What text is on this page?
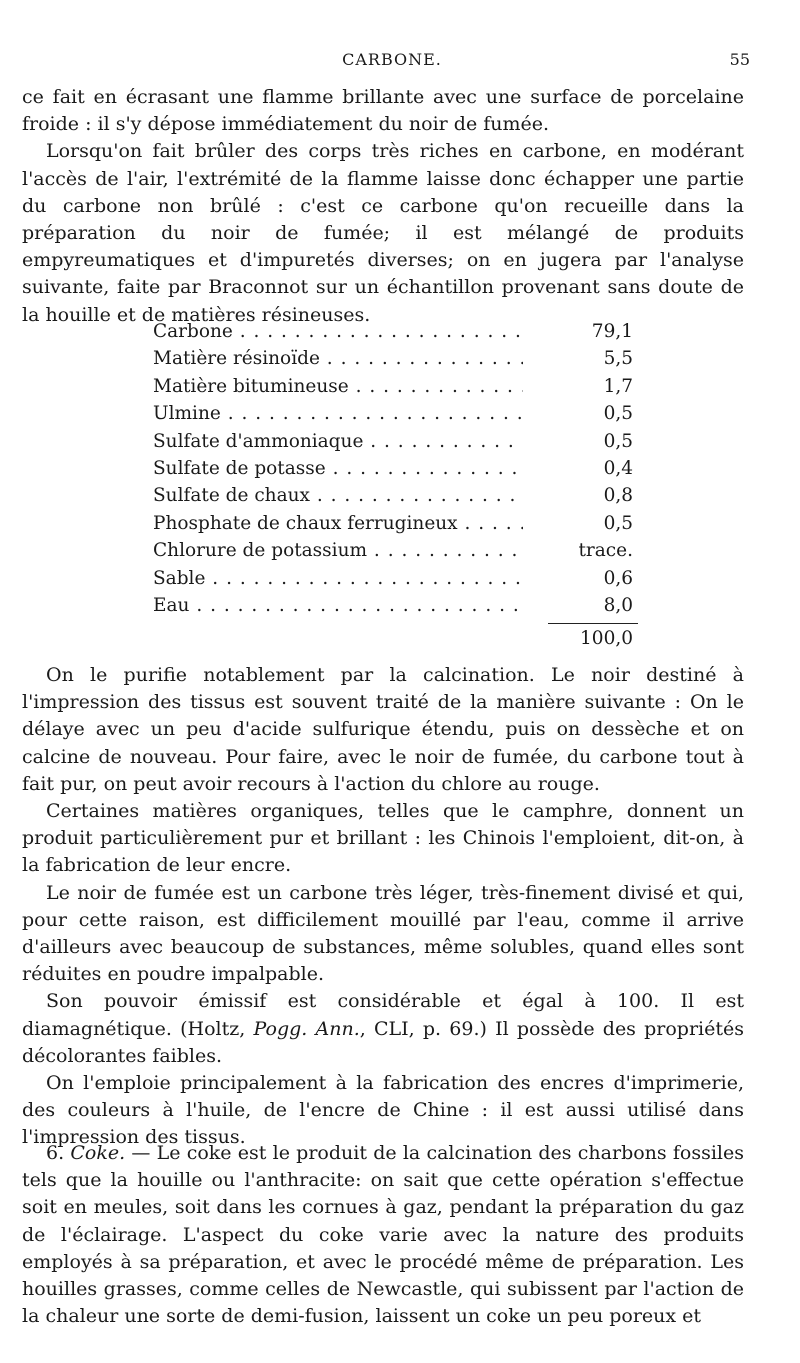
CARBONE.	55

ce fait en écrasant une flamme brillante avec une surface de porcelaine froide : il s'y dépose immédiatement du noir de fumée.

Lorsqu'on fait brûler des corps très riches en carbone, en modérant l'accès de l'air, l'extrémité de la flamme laisse donc échapper une partie du carbone non brûlé : c'est ce carbone qu'on recueille dans la préparation du noir de fumée; il est mélangé de produits empyreumatiques et d'impuretés diverses; on en jugera par l'analyse suivante, faite par Braconnot sur un échantillon provenant sans doute de la houille et de matières résineuses.

Carbone . . .	79,1
Matière résinoïde . . .	5,5
Matière bitumineuse . . .	1,7
Ulmine . . .	0,5
Sulfate d'ammoniaque . . .	0,5
Sulfate de potasse . . .	0,4
Sulfate de chaux . . .	0,8
Phosphate de chaux ferrugineux . . .	0,5
Chlorure de potassium . . .	trace.
Sable . . .	0,6
Eau . . .	8,0
100,0

On le purifie notablement par la calcination. Le noir destiné à l'impression des tissus est souvent traité de la manière suivante : On le délaye avec un peu d'acide sulfurique étendu, puis on dessèche et on calcine de nouveau. Pour faire, avec le noir de fumée, du carbone tout à fait pur, on peut avoir recours à l'action du chlore au rouge.

Certaines matières organiques, telles que le camphre, donnent un produit particulièrement pur et brillant : les Chinois l'emploient, dit-on, à la fabrication de leur encre.

Le noir de fumée est un carbone très léger, très-finement divisé et qui, pour cette raison, est difficilement mouillé par l'eau, comme il arrive d'ailleurs avec beaucoup de substances, même solubles, quand elles sont réduites en poudre impalpable.

Son pouvoir émissif est considérable et égal à 100. Il est diamagnétique. (Holtz, Pogg. Ann., CLI, p. 69.) Il possède des propriétés décolorantes faibles.

On l'emploie principalement à la fabrication des encres d'imprimerie, des couleurs à l'huile, de l'encre de Chine : il est aussi utilisé dans l'impression des tissus.

6. Coke. — Le coke est le produit de la calcination des charbons fossiles tels que la houille ou l'anthracite: on sait que cette opération s'effectue soit en meules, soit dans les cornues à gaz, pendant la préparation du gaz de l'éclairage. L'aspect du coke varie avec la nature des produits employés à sa préparation, et avec le procédé même de préparation. Les houilles grasses, comme celles de Newcastle, qui subissent par l'action de la chaleur une sorte de demi-fusion, laissent un coke un peu poreux et
